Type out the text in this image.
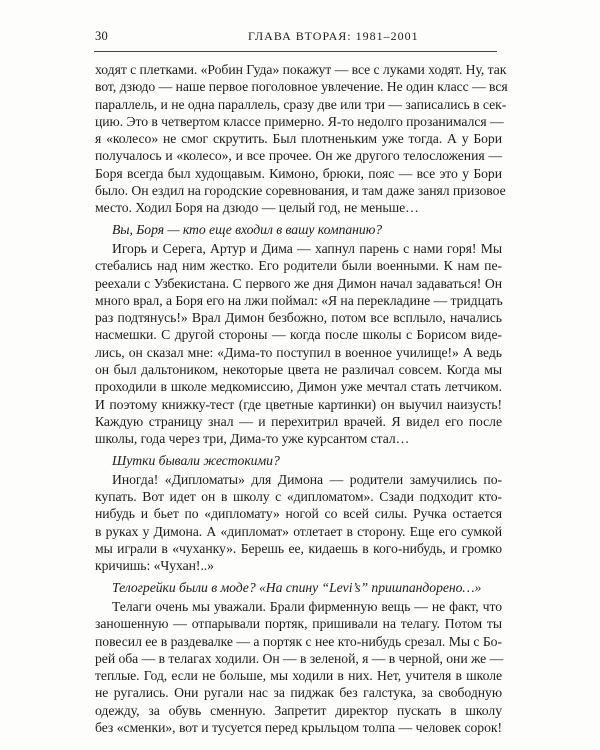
30	ГЛАВА ВТОРАЯ: 1981–2001
ходят с плетками. «Робин Гуда» покажут — все с луками ходят. Ну, так
вот, дзюдо — наше первое поголовное увлечение. Не один класс — вся
параллель, и не одна параллель, сразу две или три — записались в сек-
цию. Это в четвертом классе примерно. Я-то недолго прозанимался —
я «колесо» не смог скрутить. Был плотненьким уже тогда. А у Бори
получалось и «колесо», и все прочее. Он же другого телосложения —
Боря всегда был худощавым. Кимоно, брюки, пояс — все это у Бори
было. Он ездил на городские соревнования, и там даже занял призовое
место. Ходил Боря на дзюдо — целый год, не меньше…
Вы, Боря — кто еще входил в вашу компанию?
Игорь и Серега, Артур и Дима — хапнул парень с нами горя! Мы
стебались над ним жестко. Его родители были военными. К нам пе-
реехали с Узбекистана. С первого же дня Димон начал задаваться! Он
много врал, а Боря его на лжи поймал: «Я на перекладине — тридцать
раз подтянусь!» Врал Димон безбожно, потом все всплыло, начались
насмешки. С другой стороны — когда после школы с Борисом виде-
лись, он сказал мне: «Дима-то поступил в военное училище!» А ведь
он был дальтоником, некоторые цвета не различал совсем. Когда мы
проходили в школе медкомиссию, Димон уже мечтал стать летчиком.
И поэтому книжку-тест (где цветные картинки) он выучил наизусть!
Каждую страницу знал — и перехитрил врачей. Я видел его после
школы, года через три, Дима-то уже курсантом стал…
Шутки бывали жестокими?
Иногда! «Дипломаты» для Димона — родители замучились по-
купать. Вот идет он в школу с «дипломатом». Сзади подходит кто-
нибудь и бьет по «дипломату» ногой со всей силы. Ручка остается
в руках у Димона. А «дипломат» отлетает в сторону. Еще его сумкой
мы играли в «чуханку». Берешь ее, кидаешь в кого-нибудь, и громко
кричишь: «Чухан!..»
Телогрейки были в моде? «На спину “Levi’s” пришпандорено…»
Телаги очень мы уважали. Брали фирменную вещь — не факт, что
заношенную — отпарывали портяк, пришивали на телагу. Потом ты
повесил ее в раздевалке — а портяк с нее кто-нибудь срезал. Мы с Бо-
рей оба — в телагах ходили. Он — в зеленой, я — в черной, они же —
теплые. Год, если не больше, мы ходили в них. Нет, учителя в школе
не ругались. Они ругали нас за пиджак без галстука, за свободную
одежду, за обувь сменную. Запретит директор пускать в школу
без «сменки», вот и тусуется перед крыльцом толпа — человек сорок!
